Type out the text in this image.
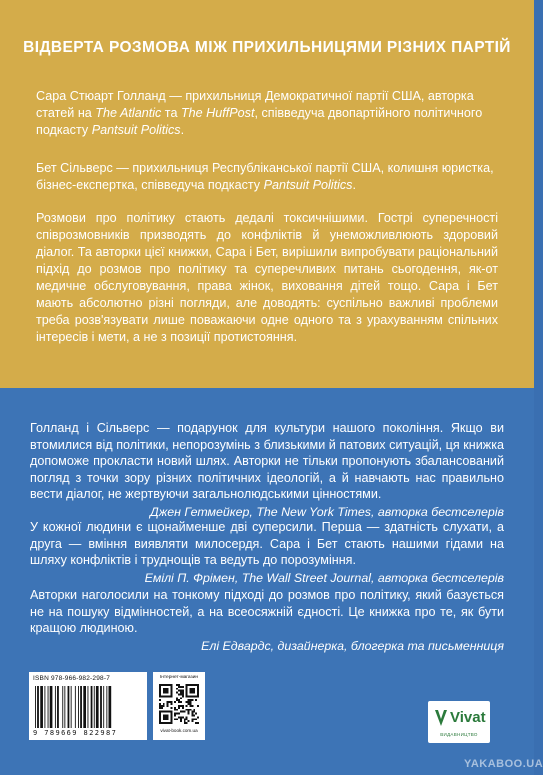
ВІДВЕРТА РОЗМОВА МІЖ ПРИХИЛЬНИЦЯМИ РІЗНИХ ПАРТІЙ

Сара Стюарт Голланд — прихильниця Демократичної партії США, авторка статей на The Atlantic та The HuffPost, співведуча двопартійного політичного подкасту Pantsuit Politics.

Бет Сільверс — прихильниця Республіканської партії США, колишня юристка, бізнес-експертка, співведуча подкасту Pantsuit Politics.

Розмови про політику стають дедалі токсичнішими. Гострі суперечності співрозмовників призводять до конфліктів й унеможливлюють здоровий діалог. Та авторки цієї книжки, Сара і Бет, вирішили випробувати раціональний підхід до розмов про політику та суперечливих питань сьогодення, як-от медичне обслуговування, права жінок, виховання дітей тощо. Сара і Бет мають абсолютно різні погляди, але доводять: суспільно важливі проблеми треба розв'язувати лише поважаючи одне одного та з урахуванням спільних інтересів і мети, а не з позиції протистояння.

Голланд і Сільверс — подарунок для культури нашого покоління. Якщо ви втомилися від політики, непорозумінь з близькими й патових ситуацій, ця книжка допоможе прокласти новий шлях. Авторки не тільки пропонують збалансований погляд з точки зору різних політичних ідеологій, а й навчають нас правильно вести діалог, не жертвуючи загальнолюдськими цінностями.

Джен Гетмейкер, The New York Times, авторка бестселерів

У кожної людини є щонайменше дві суперсили. Перша — здатність слухати, а друга — вміння виявляти милосердя. Сара і Бет стають нашими гідами на шляху конфліктів і труднощів та ведуть до порозуміння.

Емілі П. Фрімен, The Wall Street Journal, авторка бестселерів

Авторки наголосили на тонкому підході до розмов про політику, який базується не на пошуку відмінностей, а на всеосяжній єдності. Це книжка про те, як бути кращою людиною.

Елі Едвардс, дизайнерка, блогерка та письменниця

ISBN 978-966-982-298-7
9 789669 822987
Інтернет-магазин
vivat-book.com.ua
Vivat
ВИДАВНИЦТВО
YAKABOO.UA
